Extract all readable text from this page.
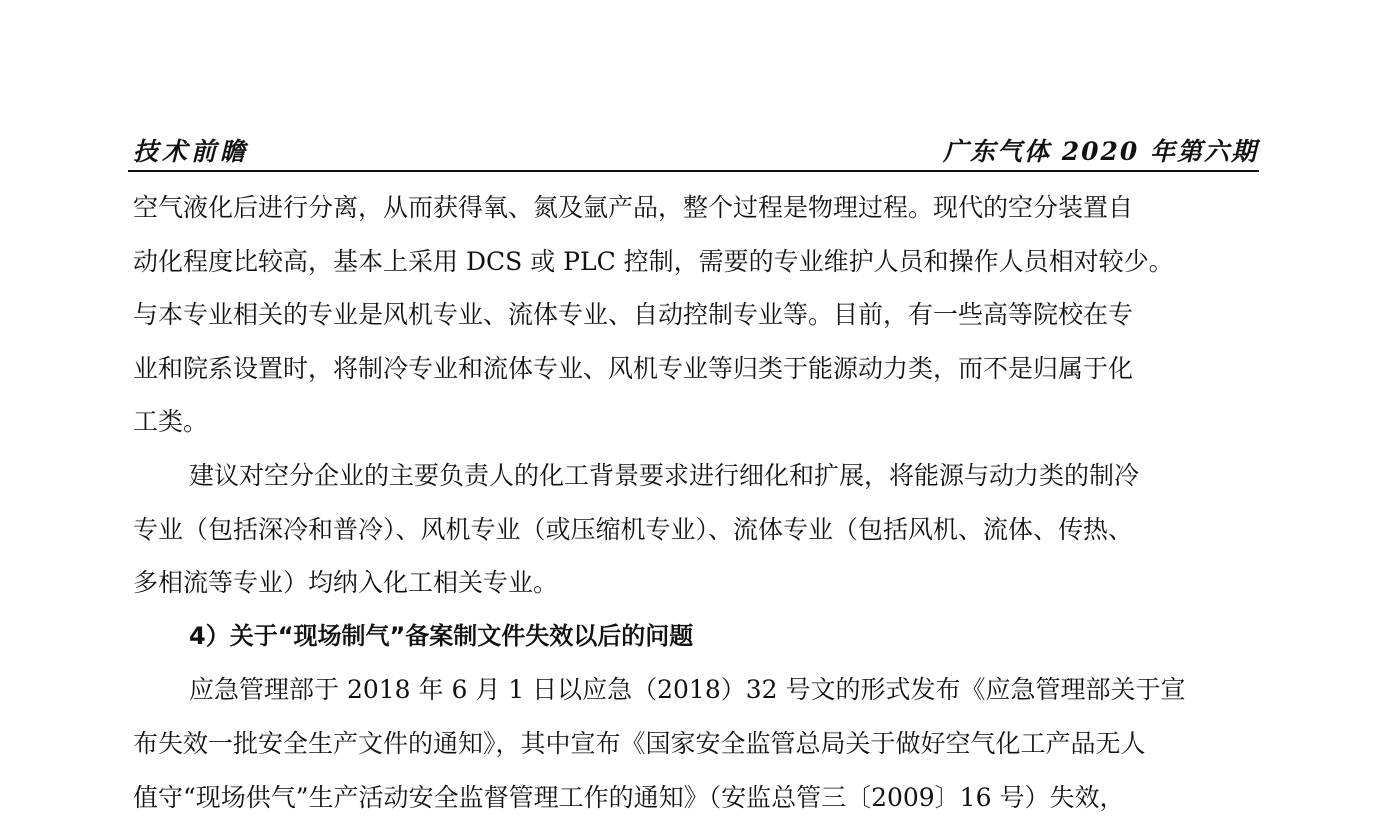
技术前瞻	广东气体 2020 年第六期
空气液化后进行分离，从而获得氧、氮及氩产品，整个过程是物理过程。现代的空分装置自
动化程度比较高，基本上采用 DCS 或 PLC 控制，需要的专业维护人员和操作人员相对较少。
与本专业相关的专业是风机专业、流体专业、自动控制专业等。目前，有一些高等院校在专
业和院系设置时，将制冷专业和流体专业、风机专业等归类于能源动力类，而不是归属于化
工类。
建议对空分企业的主要负责人的化工背景要求进行细化和扩展，将能源与动力类的制冷
专业（包括深冷和普冷）、风机专业（或压缩机专业）、流体专业（包括风机、流体、传热、
多相流等专业）均纳入化工相关专业。
4）关于“现场制气”备案制文件失效以后的问题
应急管理部于 2018 年 6 月 1 日以应急（2018）32 号文的形式发布《应急管理部关于宣
布失效一批安全生产文件的通知》，其中宣布《国家安全监管总局关于做好空气化工产品无人
值守“现场供气”生产活动安全监督管理工作的通知》（安监总管三〔2009〕16 号）失效，
